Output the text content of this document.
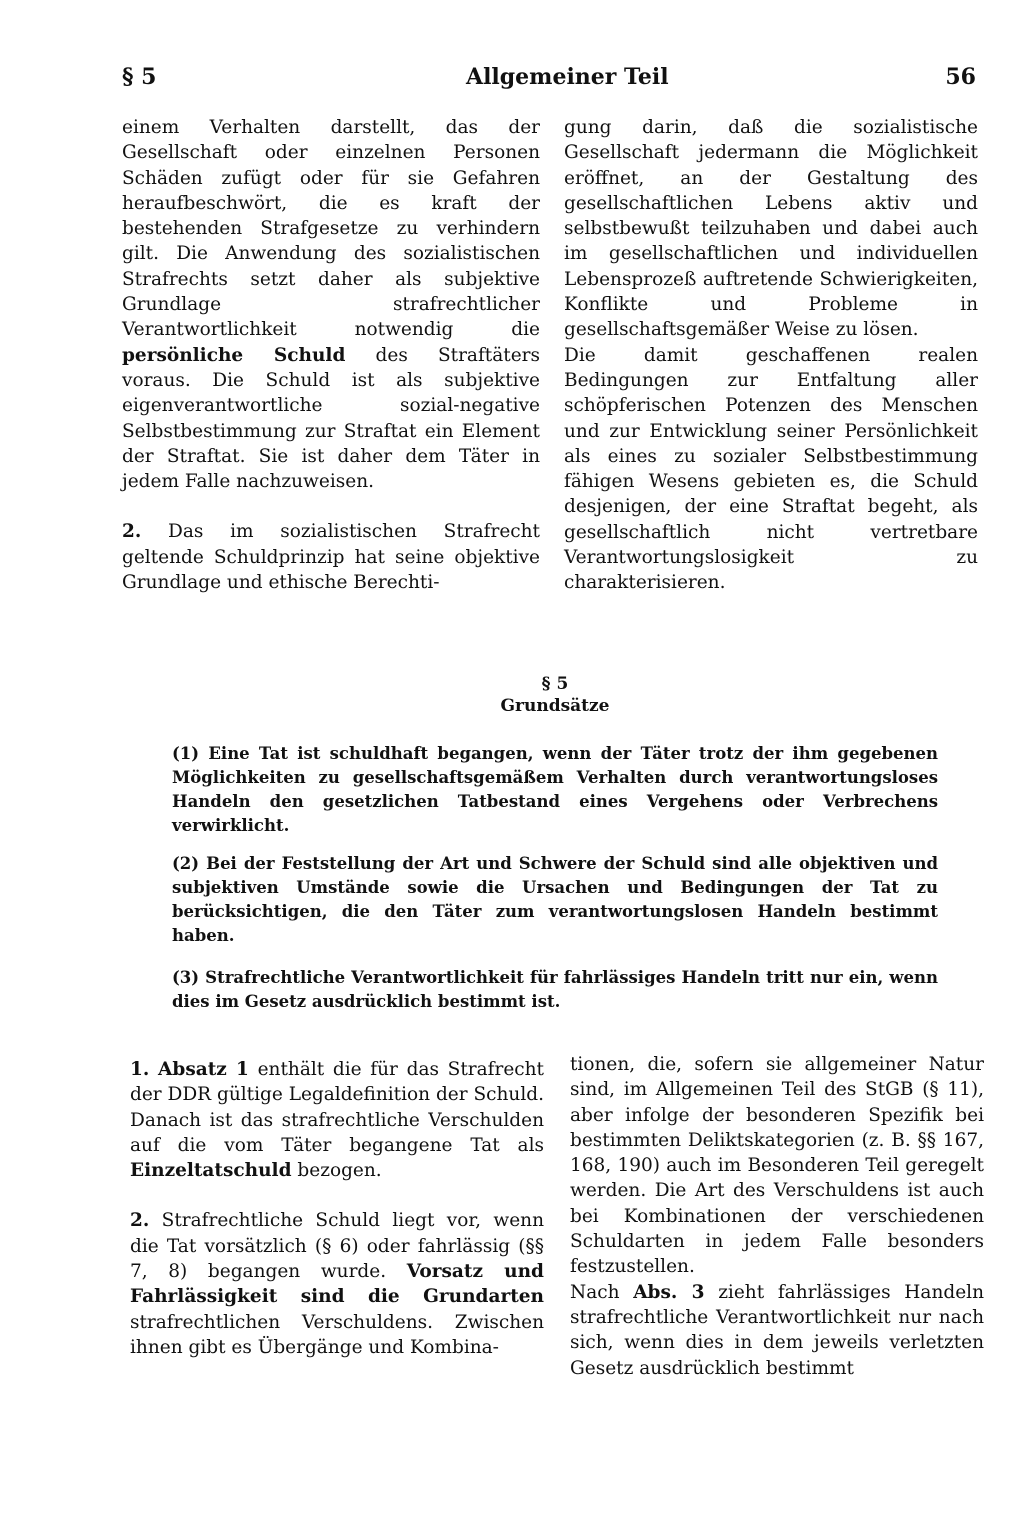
§ 5	Allgemeiner Teil	56

einem Verhalten darstellt, das der Gesellschaft oder einzelnen Personen Schäden zufügt oder für sie Gefahren heraufbeschwört, die es kraft der bestehenden Strafgesetze zu verhindern gilt. Die Anwendung des sozialistischen Strafrechts setzt daher als subjektive Grundlage strafrechtlicher Verantwortlichkeit notwendig die persönliche Schuld des Straftäters voraus. Die Schuld ist als subjektive eigenverantwortliche sozial-negative Selbstbestimmung zur Straftat ein Element der Straftat. Sie ist daher dem Täter in jedem Falle nachzuweisen.

2. Das im sozialistischen Strafrecht geltende Schuldprinzip hat seine objektive Grundlage und ethische Berechti-

gung darin, daß die sozialistische Gesellschaft jedermann die Möglichkeit eröffnet, an der Gestaltung des gesellschaftlichen Lebens aktiv und selbstbewußt teilzuhaben und dabei auch im gesellschaftlichen und individuellen Lebensprozeß auftretende Schwierigkeiten, Konflikte und Probleme in gesellschaftsgemäßer Weise zu lösen.

Die damit geschaffenen realen Bedingungen zur Entfaltung aller schöpferischen Potenzen des Menschen und zur Entwicklung seiner Persönlichkeit als eines zu sozialer Selbstbestimmung fähigen Wesens gebieten es, die Schuld desjenigen, der eine Straftat begeht, als gesellschaftlich nicht vertretbare Verantwortungslosigkeit zu charakterisieren.

§ 5
Grundsätze

(1) Eine Tat ist schuldhaft begangen, wenn der Täter trotz der ihm gegebenen Möglichkeiten zu gesellschaftsgemäßem Verhalten durch verantwortungsloses Handeln den gesetzlichen Tatbestand eines Vergehens oder Verbrechens verwirklicht.

(2) Bei der Feststellung der Art und Schwere der Schuld sind alle objektiven und subjektiven Umstände sowie die Ursachen und Bedingungen der Tat zu berücksichtigen, die den Täter zum verantwortungslosen Handeln bestimmt haben.

(3) Strafrechtliche Verantwortlichkeit für fahrlässiges Handeln tritt nur ein, wenn dies im Gesetz ausdrücklich bestimmt ist.

1. Absatz 1 enthält die für das Strafrecht der DDR gültige Legaldefinition der Schuld. Danach ist das strafrechtliche Verschulden auf die vom Täter begangene Tat als Einzeltatschuld bezogen.

2. Strafrechtliche Schuld liegt vor, wenn die Tat vorsätzlich (§ 6) oder fahrlässig (§§ 7, 8) begangen wurde. Vorsatz und Fahrlässigkeit sind die Grundarten strafrechtlichen Verschuldens. Zwischen ihnen gibt es Übergänge und Kombina-

tionen, die, sofern sie allgemeiner Natur sind, im Allgemeinen Teil des StGB (§ 11), aber infolge der besonderen Spezifik bei bestimmten Deliktskategorien (z. B. §§ 167, 168, 190) auch im Besonderen Teil geregelt werden. Die Art des Verschuldens ist auch bei Kombinationen der verschiedenen Schuldarten in jedem Falle besonders festzustellen.

Nach Abs. 3 zieht fahrlässiges Handeln strafrechtliche Verantwortlichkeit nur nach sich, wenn dies in dem jeweils verletzten Gesetz ausdrücklich bestimmt
